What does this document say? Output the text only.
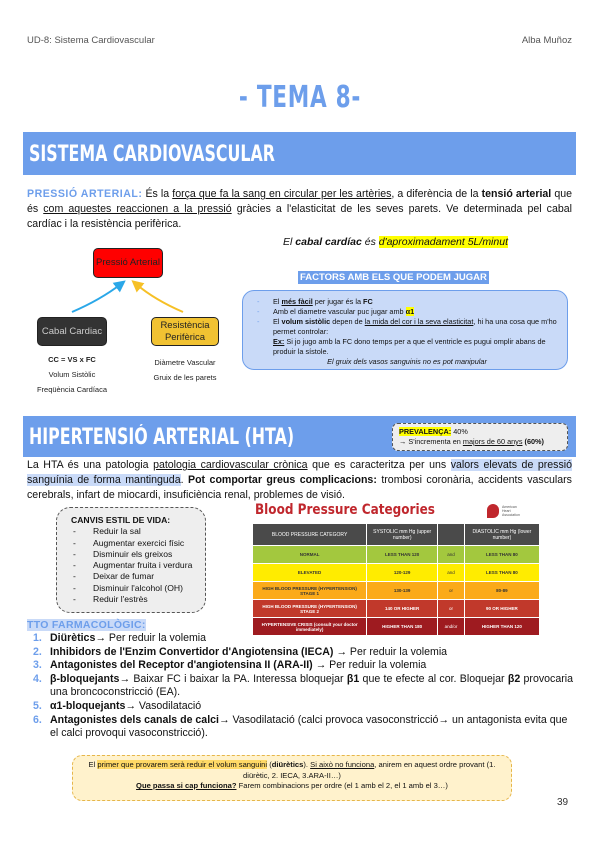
UD-8: Sistema Cardiovascular	Alba Muñoz
- TEMA 8-
SISTEMA CARDIOVASCULAR
PRESSIÓ ARTERIAL: És la força que fa la sang en circular per les artèries, a diferència de la tensió arterial que és com aquestes reaccionen a la pressió gràcies a l'elasticitat de les seves parets. Ve determinada pel cabal cardíac i la resistència perifèrica.
El cabal cardíac és d'aproximadament 5L/minut
Pressió Arterial
Cabal Cardiac
Resistència Perifèrica
CC = VS x FC
Volum Sistòlic
Freqüència Cardíaca
Diàmetre Vascular
Gruix de les parets
FACTORS AMB ELS QUE PODEM JUGAR
- El més fàcil per jugar és la FC
- Amb el diametre vascular puc jugar amb α1
- El volum sistòlic depen de la mida del cor i la seva elasticitat, hi ha una cosa que m'ho permet controlar:
Ex: Si jo jugo amb la FC dono temps per a que el ventricle es pugui omplir abans de produir la sístole.
El gruix dels vasos sanguinis no es pot manipular
HIPERTENSIÓ ARTERIAL (HTA)	PREVALENÇA: 40%
→ S'incrementa en majors de 60 anys (60%)
La HTA és una patologia patologia cardiovascular crònica que es caracteritza per uns valors elevats de pressió sanguínia de forma mantinguda. Pot comportar greus complicacions: trombosi coronària, accidents vasculars cerebrals, infart de miocardi, insuficiència renal, problemes de visió.
CANVIS ESTIL DE VIDA:
- Reduir la sal
- Augmentar exercici físic
- Disminuir els greixos
- Augmentar fruita i verdura
- Deixar de fumar
- Disminuir l'alcohol (OH)
- Reduir l'estrès
Blood Pressure Categories	American Heart Association
BLOOD PRESSURE CATEGORY	SYSTOLIC mm Hg (upper number)		DIASTOLIC mm Hg (lower number)
NORMAL	LESS THAN 120	and	LESS THAN 80
ELEVATED	120-129	and	LESS THAN 80
HIGH BLOOD PRESSURE (HYPERTENSION) STAGE 1	130-139	or	80-89
HIGH BLOOD PRESSURE (HYPERTENSION) STAGE 2	140 OR HIGHER	or	90 OR HIGHER
HYPERTENSIVE CRISIS (consult your doctor immediately)	HIGHER THAN 180	and/or	HIGHER THAN 120
TTO FARMACOLÒGIC:
1. Diürètics→ Per reduir la volemia
2. Inhibidors de l'Enzim Convertidor d'Angiotensina (IECA) → Per reduir la volemia
3. Antagonistes del Receptor d'angiotensina II (ARA-II) → Per reduir la volemia
4. β-bloquejants→ Baixar FC i baixar la PA. Interessa bloquejar β1 que te efecte al cor. Bloquejar β2 provocaria una broncoconstricció (EA).
5. α1-bloquejants→ Vasodilatació
6. Antagonistes dels canals de calci→ Vasodilatació (calci provoca vasoconstricció→ un antagonista evita que el calci provoqui vasoconstricció).
El primer que provarem serà reduir el volum sanguini (diürètics). Si això no funciona, anirem en aquest ordre provant (1. diürètic, 2. IECA, 3.ARA-II…)
Que passa si cap funciona? Farem combinacions per ordre (el 1 amb el 2, el 1 amb el 3…)
39
